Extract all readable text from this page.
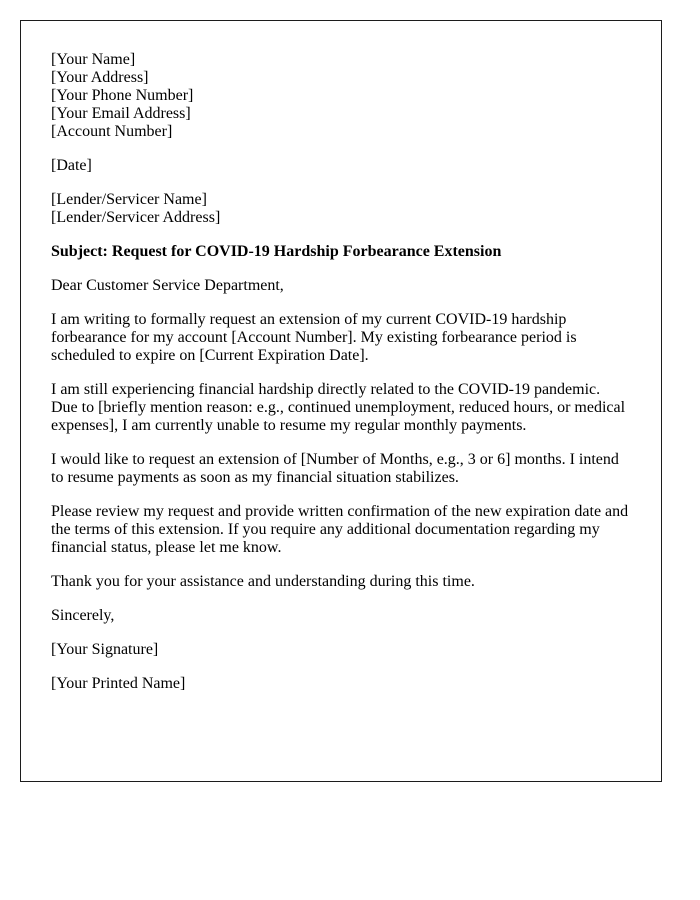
[Your Name]
[Your Address]
[Your Phone Number]
[Your Email Address]
[Account Number]

[Date]

[Lender/Servicer Name]
[Lender/Servicer Address]

Subject: Request for COVID-19 Hardship Forbearance Extension

Dear Customer Service Department,

I am writing to formally request an extension of my current COVID-19 hardship forbearance for my account [Account Number]. My existing forbearance period is scheduled to expire on [Current Expiration Date].

I am still experiencing financial hardship directly related to the COVID-19 pandemic. Due to [briefly mention reason: e.g., continued unemployment, reduced hours, or medical expenses], I am currently unable to resume my regular monthly payments.

I would like to request an extension of [Number of Months, e.g., 3 or 6] months. I intend to resume payments as soon as my financial situation stabilizes.

Please review my request and provide written confirmation of the new expiration date and the terms of this extension. If you require any additional documentation regarding my financial status, please let me know.

Thank you for your assistance and understanding during this time.

Sincerely,

[Your Signature]

[Your Printed Name]
